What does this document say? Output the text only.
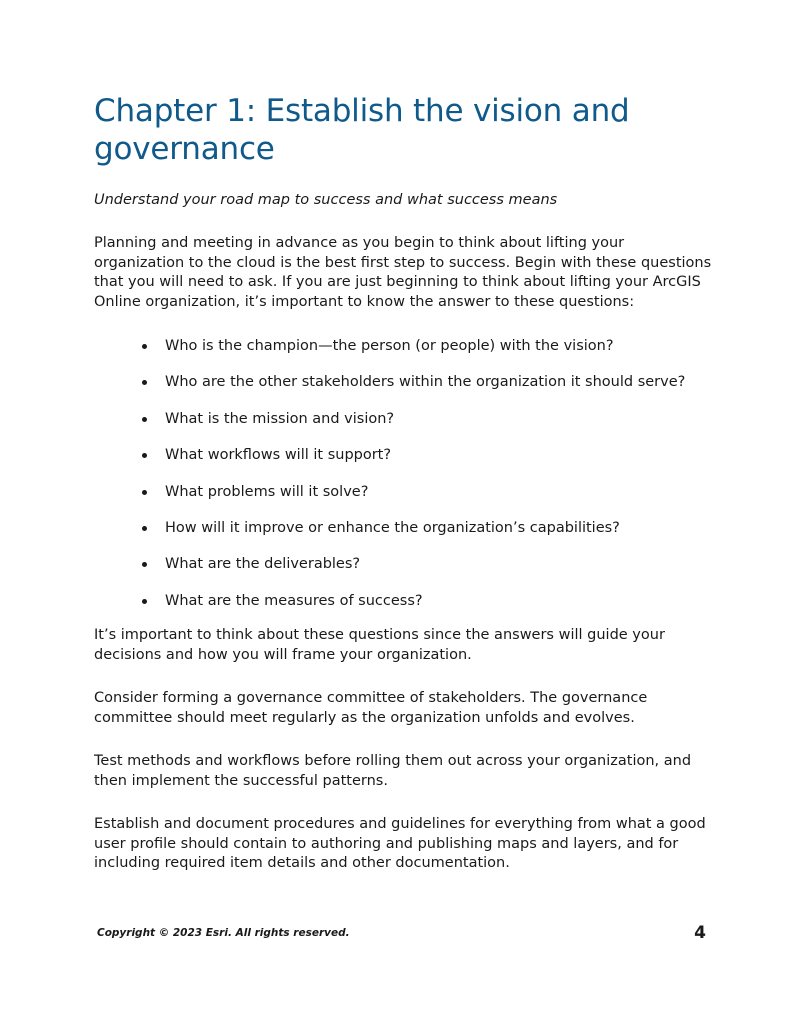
Chapter 1: Establish the vision and governance

Understand your road map to success and what success means

Planning and meeting in advance as you begin to think about lifting your organization to the cloud is the best first step to success. Begin with these questions that you will need to ask. If you are just beginning to think about lifting your ArcGIS Online organization, it’s important to know the answer to these questions:

Who is the champion—the person (or people) with the vision?
Who are the other stakeholders within the organization it should serve?
What is the mission and vision?
What workflows will it support?
What problems will it solve?
How will it improve or enhance the organization’s capabilities?
What are the deliverables?
What are the measures of success?

It’s important to think about these questions since the answers will guide your decisions and how you will frame your organization.

Consider forming a governance committee of stakeholders. The governance committee should meet regularly as the organization unfolds and evolves.

Test methods and workflows before rolling them out across your organization, and then implement the successful patterns.

Establish and document procedures and guidelines for everything from what a good user profile should contain to authoring and publishing maps and layers, and for including required item details and other documentation.

Copyright © 2023 Esri. All rights reserved.	4
